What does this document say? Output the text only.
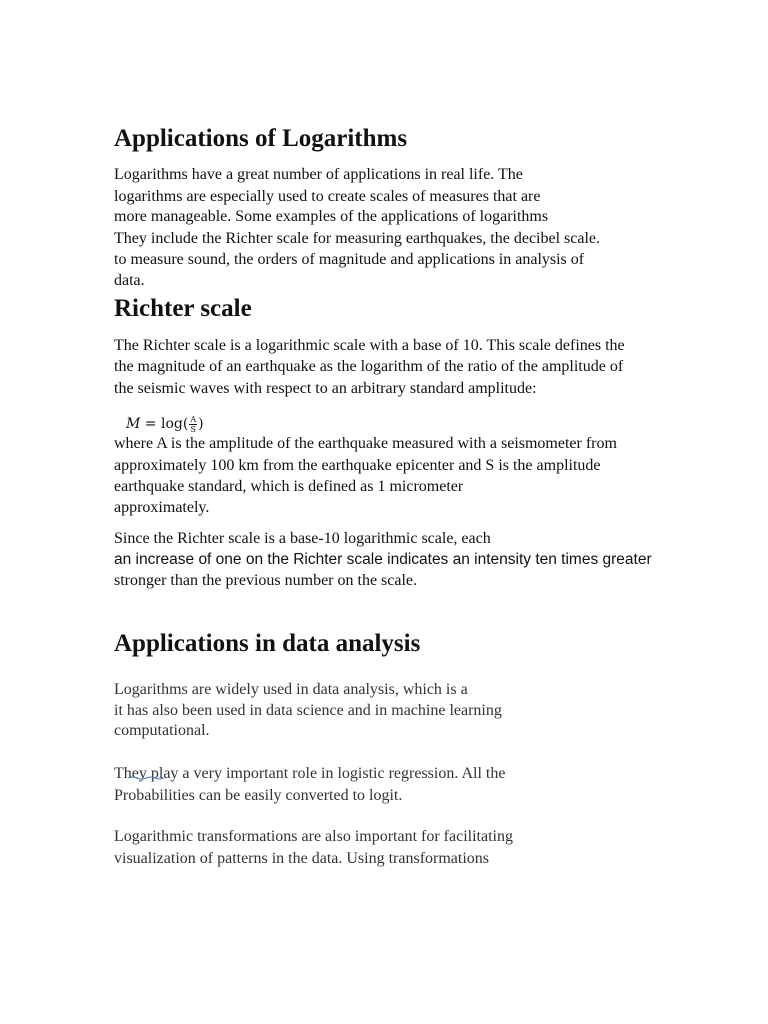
Applications of Logarithms

Logarithms have a great number of applications in real life. The

logarithms are especially used to create scales of measures that are

more manageable. Some examples of the applications of logarithms

They include the Richter scale for measuring earthquakes, the decibel scale.

to measure sound, the orders of magnitude and applications in analysis of

data.

Richter scale

The Richter scale is a logarithmic scale with a base of 10. This scale defines the

the magnitude of an earthquake as the logarithm of the ratio of the amplitude of

the seismic waves with respect to an arbitrary standard amplitude:

$M = \log( \frac{A}{S}$ )

where A is the amplitude of the earthquake measured with a seismometer from

approximately 100 km from the earthquake epicenter and S is the amplitude

earthquake standard, which is defined as 1 micrometer

approximately.

Since the Richter scale is a base-10 logarithmic scale, each

an increase of one on the Richter scale indicates an intensity ten times greater

stronger than the previous number on the scale.

Applications in data analysis

Logarithms are widely used in data analysis, which is a

it has also been used in data science and in machine learning

computational.

They play a very important role in logistic regression. All the

Probabilities can be easily converted to logit.

Logarithmic transformations are also important for facilitating

visualization of patterns in the data. Using transformations
